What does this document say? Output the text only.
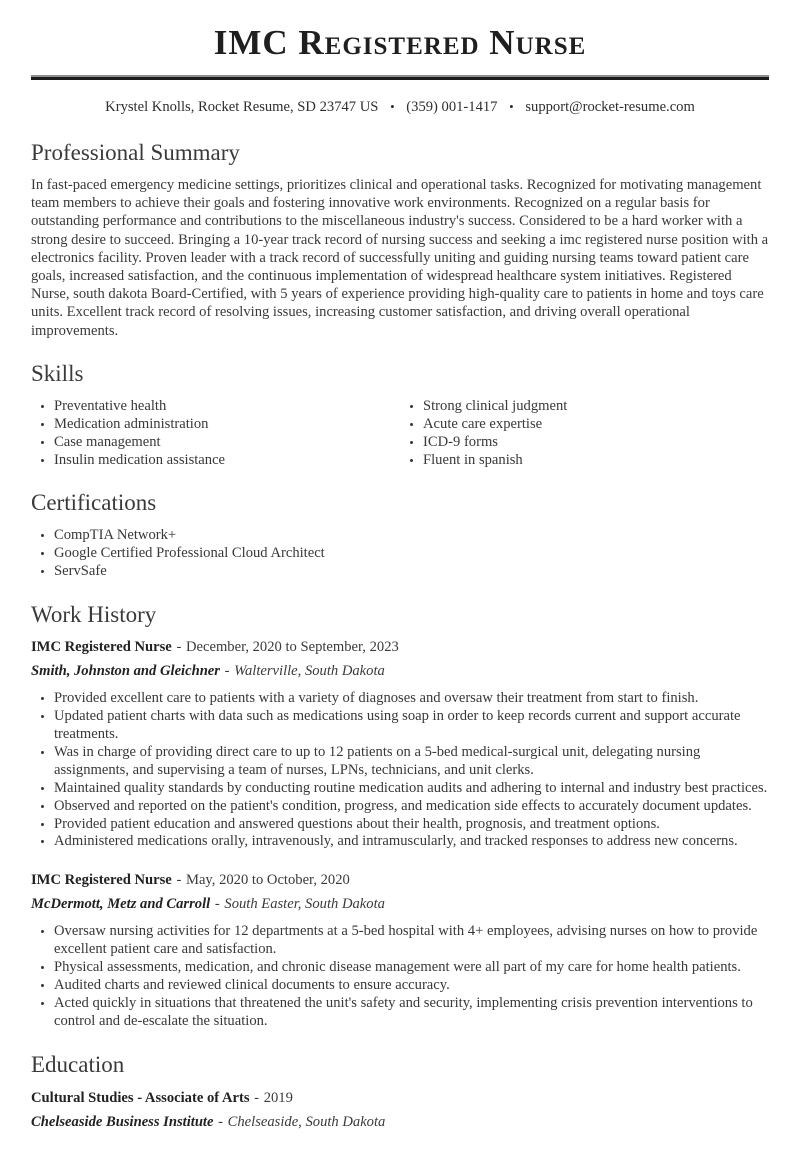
IMC Registered Nurse
Krystel Knolls, Rocket Resume, SD 23747 US • (359) 001-1417 • support@rocket-resume.com
Professional Summary

In fast-paced emergency medicine settings, prioritizes clinical and operational tasks. Recognized for motivating management team members to achieve their goals and fostering innovative work environments. Recognized on a regular basis for outstanding performance and contributions to the miscellaneous industry's success. Considered to be a hard worker with a strong desire to succeed. Bringing a 10-year track record of nursing success and seeking a imc registered nurse position with a electronics facility. Proven leader with a track record of successfully uniting and guiding nursing teams toward patient care goals, increased satisfaction, and the continuous implementation of widespread healthcare system initiatives. Registered Nurse, south dakota Board-Certified, with 5 years of experience providing high-quality care to patients in home and toys care units. Excellent track record of resolving issues, increasing customer satisfaction, and driving overall operational improvements.

Skills
• Preventative health
• Medication administration
• Case management
• Insulin medication assistance
• Strong clinical judgment
• Acute care expertise
• ICD-9 forms
• Fluent in spanish
Certifications
• CompTIA Network+
• Google Certified Professional Cloud Architect
• ServSafe
Work History
IMC Registered Nurse - December, 2020 to September, 2023
Smith, Johnston and Gleichner - Walterville, South Dakota
• Provided excellent care to patients with a variety of diagnoses and oversaw their treatment from start to finish.
• Updated patient charts with data such as medications using soap in order to keep records current and support accurate treatments.
• Was in charge of providing direct care to up to 12 patients on a 5-bed medical-surgical unit, delegating nursing assignments, and supervising a team of nurses, LPNs, technicians, and unit clerks.
• Maintained quality standards by conducting routine medication audits and adhering to internal and industry best practices.
• Observed and reported on the patient's condition, progress, and medication side effects to accurately document updates.
• Provided patient education and answered questions about their health, prognosis, and treatment options.
• Administered medications orally, intravenously, and intramuscularly, and tracked responses to address new concerns.
IMC Registered Nurse - May, 2020 to October, 2020
McDermott, Metz and Carroll - South Easter, South Dakota
• Oversaw nursing activities for 12 departments at a 5-bed hospital with 4+ employees, advising nurses on how to provide excellent patient care and satisfaction.
• Physical assessments, medication, and chronic disease management were all part of my care for home health patients.
• Audited charts and reviewed clinical documents to ensure accuracy.
• Acted quickly in situations that threatened the unit's safety and security, implementing crisis prevention interventions to control and de-escalate the situation.
Education
Cultural Studies - Associate of Arts - 2019
Chelseaside Business Institute - Chelseaside, South Dakota
